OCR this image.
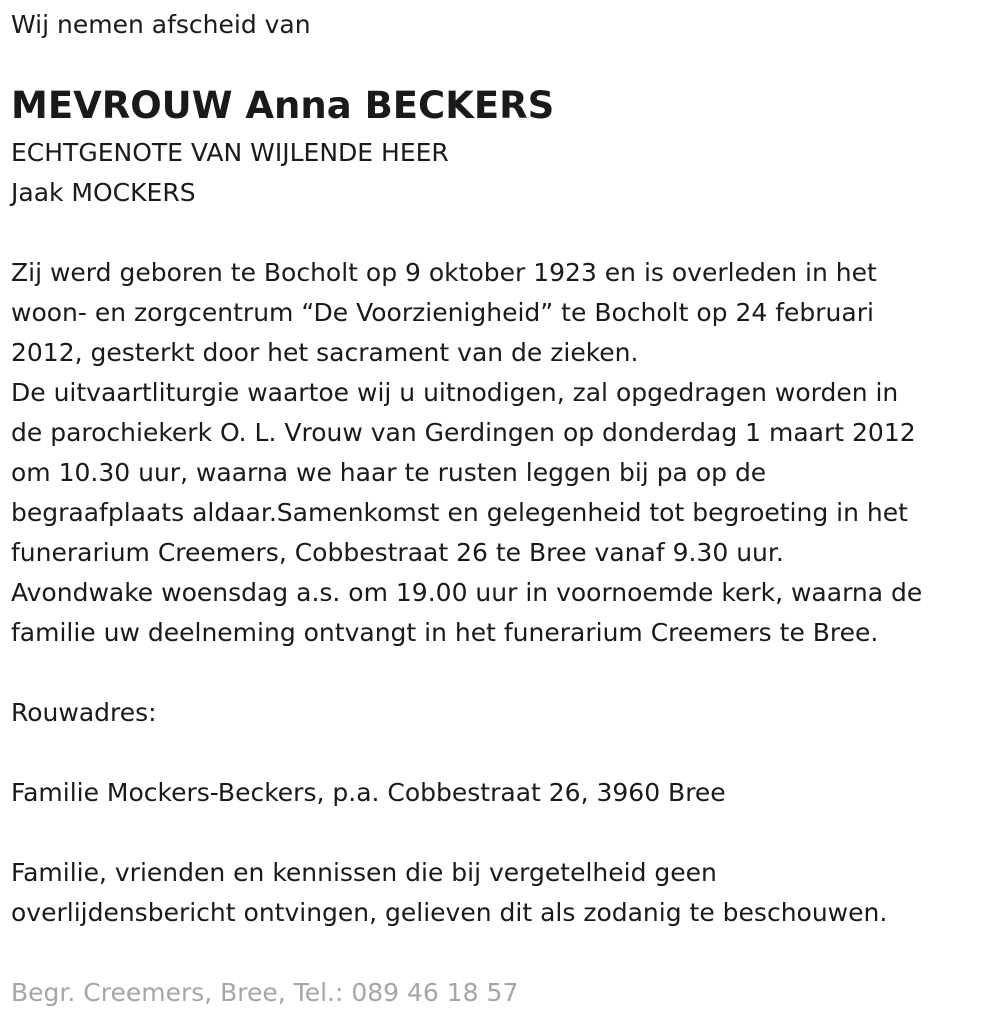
Wij nemen afscheid van

MEVROUW Anna BECKERS

ECHTGENOTE VAN WIJLENDE HEER

Jaak MOCKERS

Zij werd geboren te Bocholt op 9 oktober 1923 en is overleden in het

woon- en zorgcentrum “De Voorzienigheid” te Bocholt op 24 februari

2012, gesterkt door het sacrament van de zieken.

De uitvaartliturgie waartoe wij u uitnodigen, zal opgedragen worden in

de parochiekerk O. L. Vrouw van Gerdingen op donderdag 1 maart 2012

om 10.30 uur, waarna we haar te rusten leggen bij pa op de

begraafplaats aldaar.Samenkomst en gelegenheid tot begroeting in het

funerarium Creemers, Cobbestraat 26 te Bree vanaf 9.30 uur.

Avondwake woensdag a.s. om 19.00 uur in voornoemde kerk, waarna de

familie uw deelneming ontvangt in het funerarium Creemers te Bree.

Rouwadres:

Familie Mockers-Beckers, p.a. Cobbestraat 26, 3960 Bree

Familie, vrienden en kennissen die bij vergetelheid geen

overlijdensbericht ontvingen, gelieven dit als zodanig te beschouwen.

Begr. Creemers, Bree, Tel.: 089 46 18 57
